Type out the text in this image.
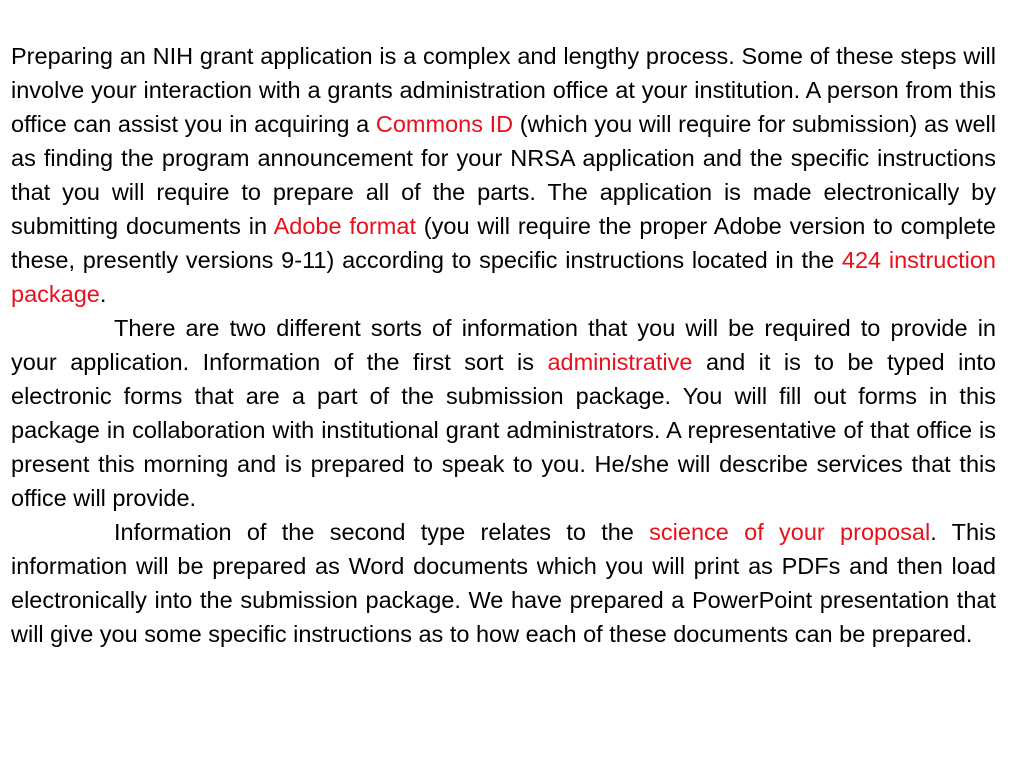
Preparing an NIH grant application is a complex and lengthy process. Some of these steps will involve your interaction with a grants administration office at your institution. A person from this office can assist you in acquiring a Commons ID (which you will require for submission) as well as finding the program announcement for your NRSA application and the specific instructions that you will require to prepare all of the parts. The application is made electronically by submitting documents in Adobe format (you will require the proper Adobe version to complete these, presently versions 9-11) according to specific instructions located in the 424 instruction package.

There are two different sorts of information that you will be required to provide in your application. Information of the first sort is administrative and it is to be typed into electronic forms that are a part of the submission package. You will fill out forms in this package in collaboration with institutional grant administrators. A representative of that office is present this morning and is prepared to speak to you. He/she will describe services that this office will provide.

Information of the second type relates to the science of your proposal. This information will be prepared as Word documents which you will print as PDFs and then load electronically into the submission package. We have prepared a PowerPoint presentation that will give you some specific instructions as to how each of these documents can be prepared.
